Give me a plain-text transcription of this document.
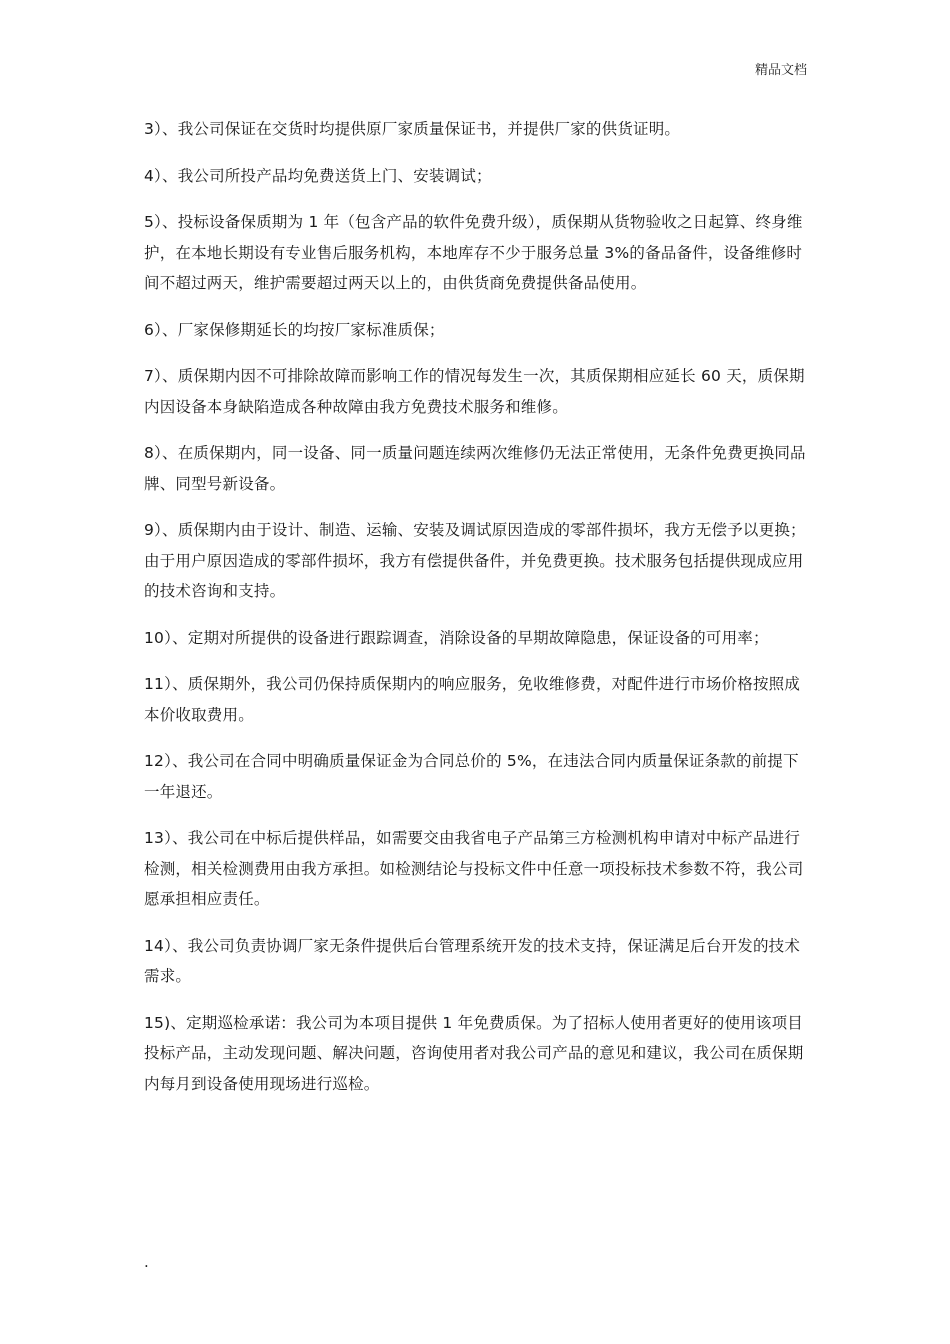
精品文档

3）、我公司保证在交货时均提供原厂家质量保证书，并提供厂家的供货证明。

4）、我公司所投产品均免费送货上门、安装调试；

5）、投标设备保质期为 1 年（包含产品的软件免费升级），质保期从货物验收之日起算、终身维护，在本地长期设有专业售后服务机构，本地库存不少于服务总量 3%的备品备件，设备维修时间不超过两天，维护需要超过两天以上的，由供货商免费提供备品使用。

6）、厂家保修期延长的均按厂家标准质保；

7）、质保期内因不可排除故障而影响工作的情况每发生一次，其质保期相应延长 60 天，质保期内因设备本身缺陷造成各种故障由我方免费技术服务和维修。

8）、在质保期内，同一设备、同一质量问题连续两次维修仍无法正常使用，无条件免费更换同品牌、同型号新设备。

9）、质保期内由于设计、制造、运输、安装及调试原因造成的零部件损坏，我方无偿予以更换；由于用户原因造成的零部件损坏，我方有偿提供备件，并免费更换。技术服务包括提供现成应用的技术咨询和支持。

10）、定期对所提供的设备进行跟踪调查，消除设备的早期故障隐患，保证设备的可用率；

11）、质保期外，我公司仍保持质保期内的响应服务，免收维修费，对配件进行市场价格按照成本价收取费用。

12）、我公司在合同中明确质量保证金为合同总价的 5%，在违法合同内质量保证条款的前提下一年退还。

13）、我公司在中标后提供样品，如需要交由我省电子产品第三方检测机构申请对中标产品进行检测，相关检测费用由我方承担。如检测结论与投标文件中任意一项投标技术参数不符，我公司愿承担相应责任。

14）、我公司负责协调厂家无条件提供后台管理系统开发的技术支持，保证满足后台开发的技术需求。

15)、定期巡检承诺：我公司为本项目提供 1 年免费质保。为了招标人使用者更好的使用该项目投标产品，主动发现问题、解决问题，咨询使用者对我公司产品的意见和建议，我公司在质保期内每月到设备使用现场进行巡检。

.
